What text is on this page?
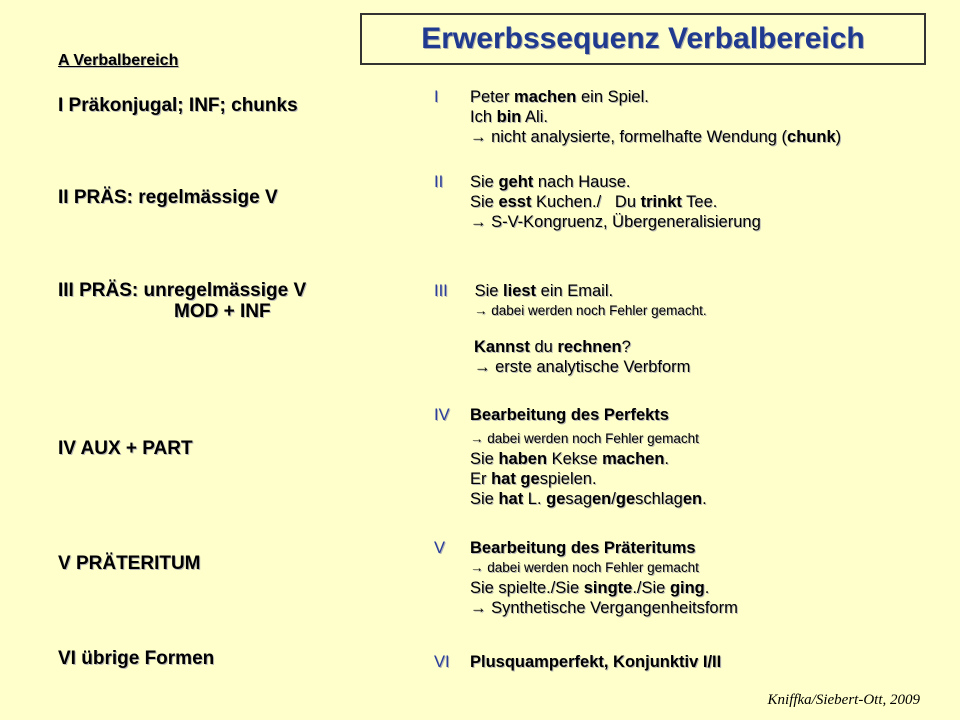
Erwerbssequenz Verbalbereich
A Verbalbereich
I Präkonjugal; INF; chunks
II PRÄS: regelmässige V
III PRÄS: unregelmässige V
MOD + INF
IV AUX + PART
V PRÄTERITUM
VI übrige Formen
I Peter machen ein Spiel.
Ich bin Ali.
→ nicht analysierte, formelhafte Wendung (chunk)
II Sie geht nach Hause.
Sie esst Kuchen./   Du trinkt Tee.
→ S-V-Kongruenz, Übergeneralisierung
III Sie liest ein Email.
→ dabei werden noch Fehler gemacht.
Kannst du rechnen?
→ erste analytische Verbform
IV Bearbeitung des Perfekts
→ dabei werden noch Fehler gemacht
Sie haben Kekse machen.
Er hat gespielen.
Sie hat L. gesagen/geschlagen.
V Bearbeitung des Präteritums
→ dabei werden noch Fehler gemacht
Sie spielte./Sie singte./Sie ging.
→ Synthetische Vergangenheitsform
VI Plusquamperfekt, Konjunktiv I/II
Kniffka/Siebert-Ott, 2009
